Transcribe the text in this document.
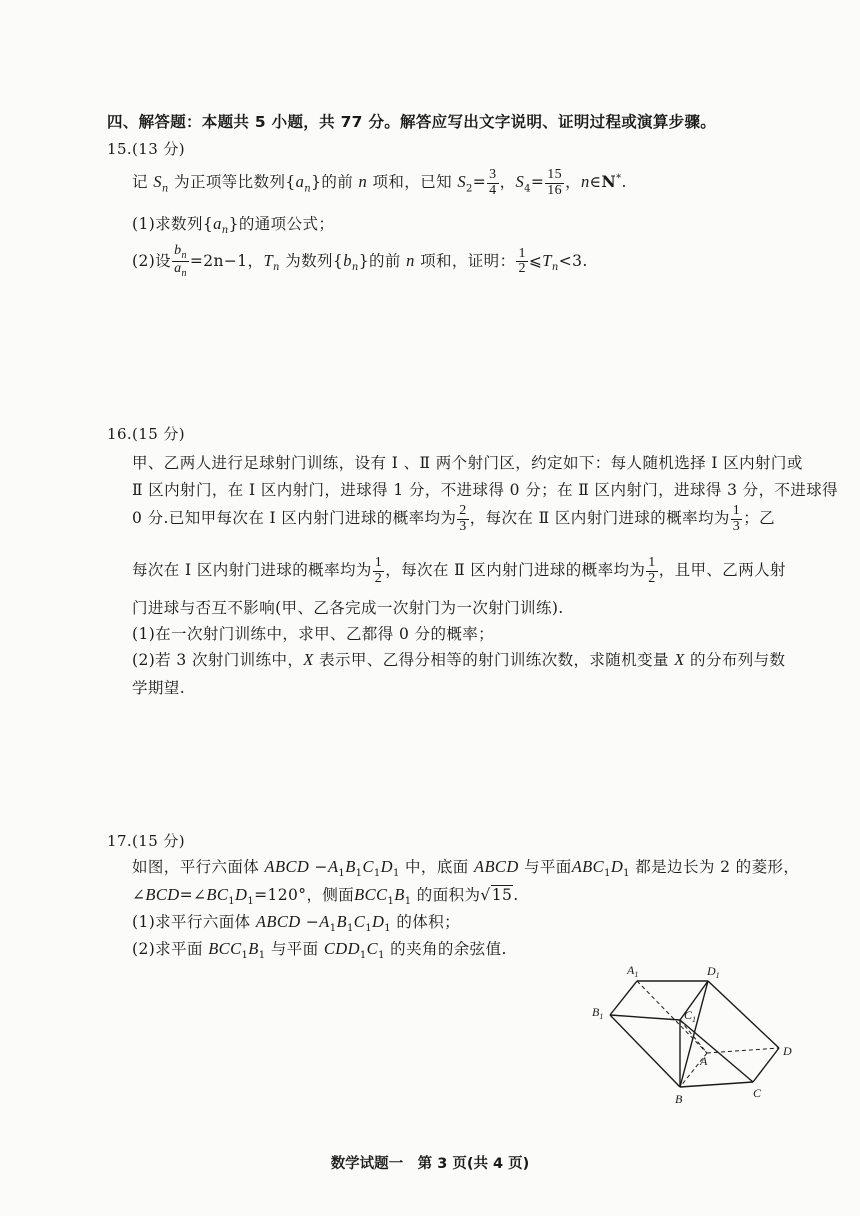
四、解答题：本题共 5 小题，共 77 分。解答应写出文字说明、证明过程或演算步骤。
15.(13 分)
记 $S_n$ 为正项等比数列$\{a_n\}$的前 n 项和，已知 $S_2= \frac{3}{4}$ ，$S_4= \frac{15}{16}$ ，n∈N*.
(1)求数列$\{a_n\}$的通项公式；
(2)设 $\frac{b_n}{a_n} =2n-1$，$T_n$ 为数列$\{b_n\}$的前 n 项和，证明： $\frac{1}{2}$ $⩽T_n<3$.
16.(15 分)
甲、乙两人进行足球射门训练，设有 Ⅰ 、Ⅱ 两个射门区，约定如下：每人随机选择 Ⅰ 区内射门或
Ⅱ 区内射门，在 Ⅰ 区内射门，进球得 1 分，不进球得 0 分；在 Ⅱ 区内射门，进球得 3 分，不进球得
0 分.已知甲每次在 Ⅰ 区内射门进球的概率均为 $\frac{2}{3}$ ，每次在 Ⅱ 区内射门进球的概率均为 $\frac{1}{3}$ ；乙
每次在 Ⅰ 区内射门进球的概率均为 $\frac{1}{2}$ ，每次在 Ⅱ 区内射门进球的概率均为 $\frac{1}{2}$ ，且甲、乙两人射
门进球与否互不影响(甲、乙各完成一次射门为一次射门训练).
(1)在一次射门训练中，求甲、乙都得 0 分的概率；
(2)若 3 次射门训练中，X 表示甲、乙得分相等的射门训练次数，求随机变量 X 的分布列与数
学期望.
17.(15 分)
如图，平行六面体 ABCD $-A_1B_1C_1D_1$ 中，底面 ABCD 与平面$ABC_1D_1$ 都是边长为 2 的菱形，
$\angle BCD=\angle BC_1D_1=120^\circ$，侧面$BCC_1B_1$ 的面积为√15.
(1)求平行六面体 ABCD $-A_1B_1C_1D_1$ 的体积；
(2)求平面 $BCC_1B_1$ 与平面 $CDD_1C_1$ 的夹角的余弦值.
$A_1$	$D_1$
$B_1$	$C_1$
A
D
B	C
数学试题一　第 3 页(共 4 页)
